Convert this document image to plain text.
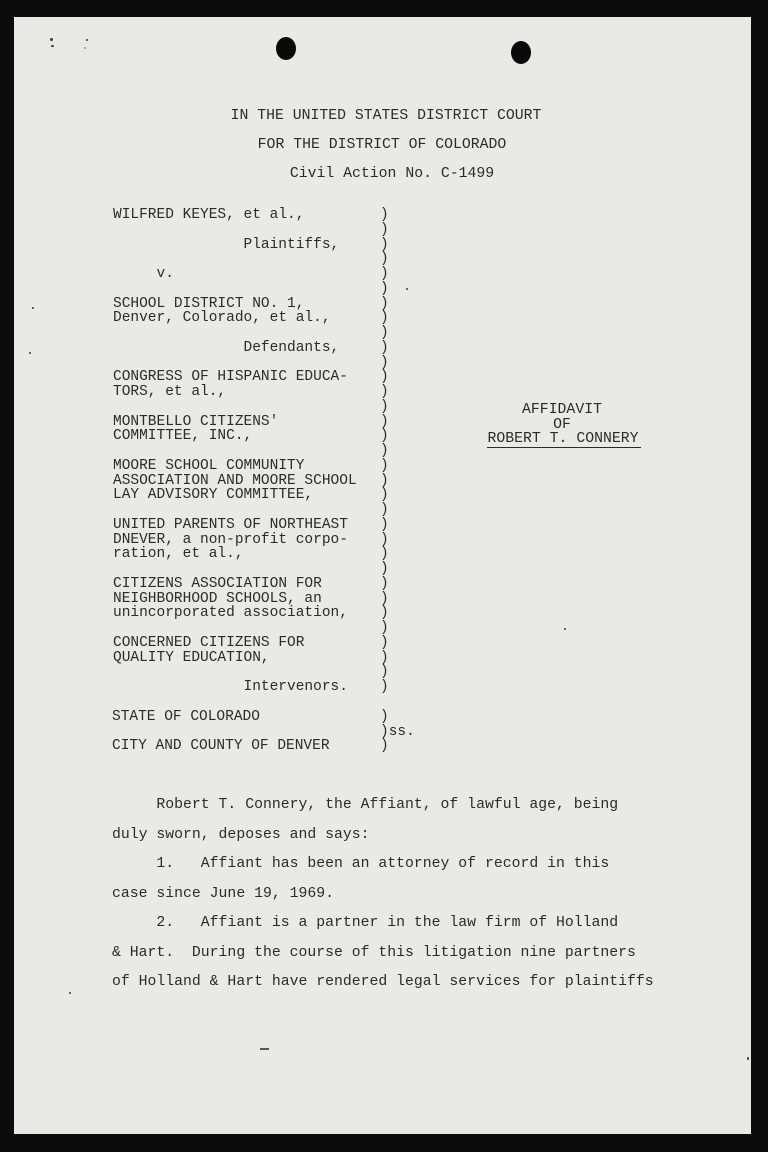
IN THE UNITED STATES DISTRICT COURT
FOR THE DISTRICT OF COLORADO
Civil Action No. C-1499
WILFRED KEYES, et al.,	)
)
Plaintiffs,	)
)
v.	)
)
SCHOOL DISTRICT NO. 1,	)
Denver, Colorado, et al.,	)
)
Defendants,	)
)
CONGRESS OF HISPANIC EDUCA- )
TORS, et al.,	)
)
MONTBELLO CITIZENS'	)
COMMITTEE, INC.,	)
)
MOORE SCHOOL COMMUNITY	)
ASSOCIATION AND MOORE SCHOOL )
LAY ADVISORY COMMITTEE,	)
)
UNITED PARENTS OF NORTHEAST )
DNEVER, a non-profit corpo- )
ration, et al.,	)
)
CITIZENS ASSOCIATION FOR	)
NEIGHBORHOOD SCHOOLS, an	)
unincorporated association, )
)
CONCERNED CITIZENS FOR	)
QUALITY EDUCATION,	)
)
Intervenors. )
AFFIDAVIT
OF
ROBERT T. CONNERY
STATE OF COLORADO	)
)ss.
CITY AND COUNTY OF DENVER	)
Robert T. Connery, the Affiant, of lawful age, being
duly sworn, deposes and says:
1.   Affiant has been an attorney of record in this
case since June 19, 1969.
2.   Affiant is a partner in the law firm of Holland
& Hart.  During the course of this litigation nine partners
of Holland & Hart have rendered legal services for plaintiffs
